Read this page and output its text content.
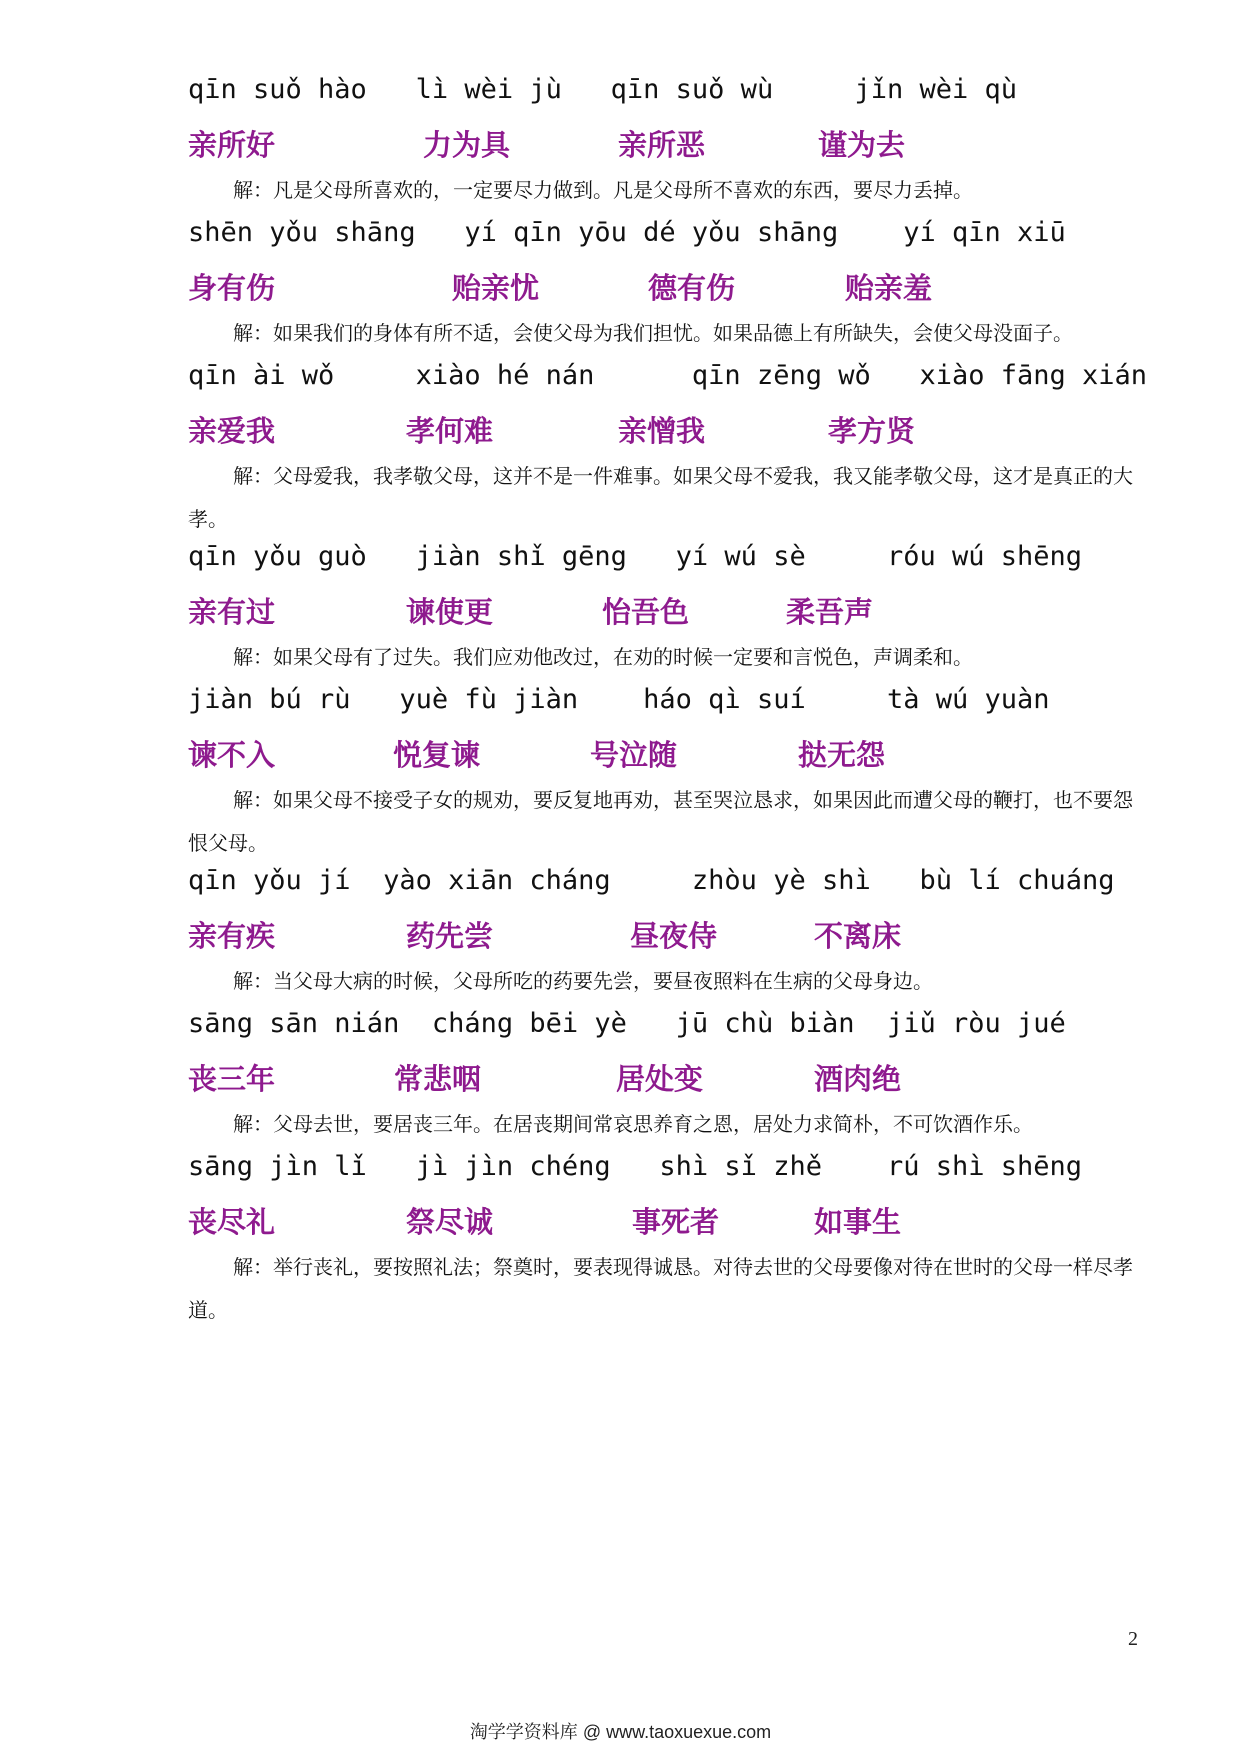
qīn suǒ hào   lì wèi jù   qīn suǒ wù     jǐn wèi qù
亲所好	力为具	亲所恶	谨为去

解：凡是父母所喜欢的，一定要尽力做到。凡是父母所不喜欢的东西，要尽力丢掉。

shēn yǒu shāng   yí qīn yōu dé yǒu shāng    yí qīn xiū
身有伤	贻亲忧	德有伤	贻亲羞

解：如果我们的身体有所不适，会使父母为我们担忧。如果品德上有所缺失，会使父母没面子。

qīn ài wǒ     xiào hé nán      qīn zēng wǒ   xiào fāng xián
亲爱我	孝何难	亲憎我	孝方贤

解：父母爱我，我孝敬父母，这并不是一件难事。如果父母不爱我，我又能孝敬父母，这才是真正的大孝。

qīn yǒu guò   jiàn shǐ gēng   yí wú sè     róu wú shēng
亲有过	谏使更	怡吾色	柔吾声

解：如果父母有了过失。我们应劝他改过，在劝的时候一定要和言悦色，声调柔和。

jiàn bú rù   yuè fù jiàn    háo qì suí     tà wú yuàn
谏不入	悦复谏	号泣随	挞无怨

解：如果父母不接受子女的规劝，要反复地再劝，甚至哭泣恳求，如果因此而遭父母的鞭打，也不要怨恨父母。

qīn yǒu jí  yào xiān cháng     zhòu yè shì   bù lí chuáng
亲有疾	药先尝	昼夜侍	不离床

解：当父母大病的时候，父母所吃的药要先尝，要昼夜照料在生病的父母身边。

sāng sān nián  cháng bēi yè   jū chù biàn  jiǔ ròu jué
丧三年	常悲咽	居处变	酒肉绝

解：父母去世，要居丧三年。在居丧期间常哀思养育之恩，居处力求简朴，不可饮酒作乐。

sāng jìn lǐ   jì jìn chéng   shì sǐ zhě    rú shì shēng
丧尽礼	祭尽诚	事死者	如事生

解：举行丧礼，要按照礼法；祭奠时，要表现得诚恳。对待去世的父母要像对待在世时的父母一样尽孝道。

2
淘学学资料库 @ www.taoxuexue.com
